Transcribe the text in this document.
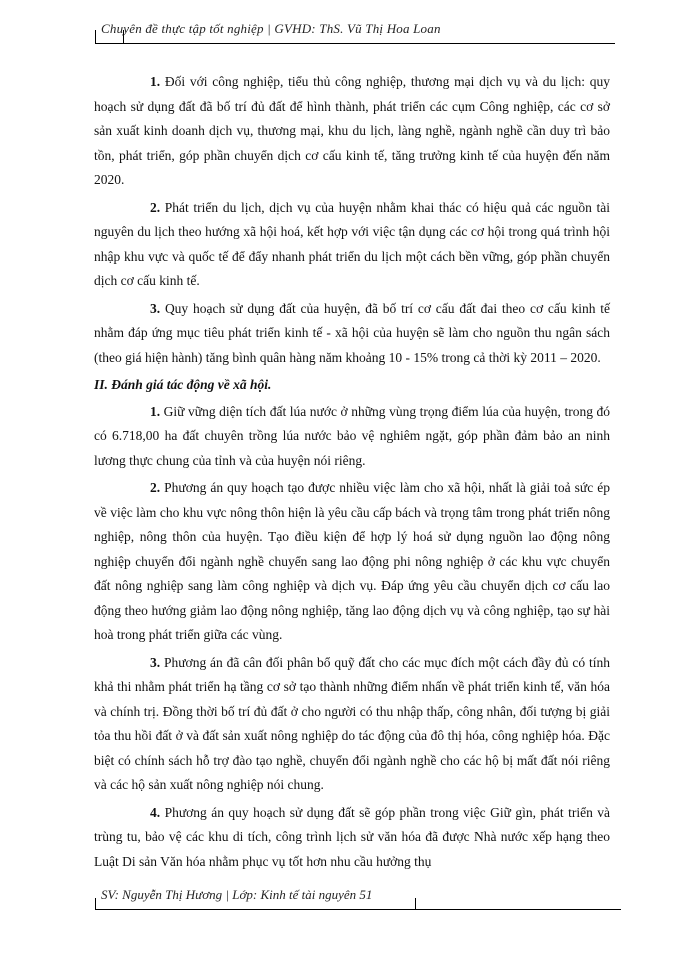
Chuyên đề thực tập tốt nghiệp | GVHD: ThS. Vũ Thị Hoa Loan

1. Đối với công nghiệp, tiểu thủ công nghiệp, thương mại dịch vụ và du lịch: quy hoạch sử dụng đất đã bố trí đủ đất để hình thành, phát triển các cụm Công nghiệp, các cơ sở sản xuất kinh doanh dịch vụ, thương mại, khu du lịch, làng nghề, ngành nghề cần duy trì bảo tồn, phát triển, góp phần chuyển dịch cơ cấu kinh tế, tăng trưởng kinh tế của huyện đến năm 2020.

2. Phát triển du lịch, dịch vụ của huyện nhằm khai thác có hiệu quả các nguồn tài nguyên du lịch theo hướng xã hội hoá, kết hợp với việc tận dụng các cơ hội trong quá trình hội nhập khu vực và quốc tế để đẩy nhanh phát triển du lịch một cách bền vững, góp phần chuyển dịch cơ cấu kinh tế.

3. Quy hoạch sử dụng đất của huyện, đã bố trí cơ cấu đất đai theo cơ cấu kinh tế nhằm đáp ứng mục tiêu phát triển kinh tế - xã hội của huyện sẽ làm cho nguồn thu ngân sách (theo giá hiện hành) tăng bình quân hàng năm khoảng 10 - 15% trong cả thời kỳ 2011 – 2020.

II. Đánh giá tác động về xã hội.

1. Giữ vững diện tích đất lúa nước ở những vùng trọng điểm lúa của huyện, trong đó có 6.718,00 ha đất chuyên trồng lúa nước bảo vệ nghiêm ngặt, góp phần đảm bảo an ninh lương thực chung của tỉnh và của huyện nói riêng.

2. Phương án quy hoạch tạo được nhiều việc làm cho xã hội, nhất là giải toả sức ép về việc làm cho khu vực nông thôn hiện là yêu cầu cấp bách và trọng tâm trong phát triển nông nghiệp, nông thôn của huyện. Tạo điều kiện để hợp lý hoá sử dụng nguồn lao động nông nghiệp chuyển đổi ngành nghề chuyển sang lao động phi nông nghiệp ở các khu vực chuyển đất nông nghiệp sang làm công nghiệp và dịch vụ. Đáp ứng yêu cầu chuyển dịch cơ cấu lao động theo hướng giảm lao động nông nghiệp, tăng lao động dịch vụ và công nghiệp, tạo sự hài hoà trong phát triển giữa các vùng.

3. Phương án đã cân đối phân bổ quỹ đất cho các mục đích một cách đầy đủ có tính khả thi nhằm phát triển hạ tầng cơ sở tạo thành những điểm nhấn về phát triển kinh tế, văn hóa và chính trị. Đồng thời bố trí đủ đất ở cho người có thu nhập thấp, công nhân, đối tượng bị giải tỏa thu hồi đất ở và đất sản xuất nông nghiệp do tác động của đô thị hóa, công nghiệp hóa. Đặc biệt có chính sách hỗ trợ đào tạo nghề, chuyển đổi ngành nghề cho các hộ bị mất đất nói riêng và các hộ sản xuất nông nghiệp nói chung.

4. Phương án quy hoạch sử dụng đất sẽ góp phần trong việc Giữ gìn, phát triển và trùng tu, bảo vệ các khu di tích, công trình lịch sử văn hóa đã được Nhà nước xếp hạng theo Luật Di sản Văn hóa nhằm phục vụ tốt hơn nhu cầu hưởng thụ

SV: Nguyễn Thị Hương | Lớp: Kinh tế tài nguyên 51
